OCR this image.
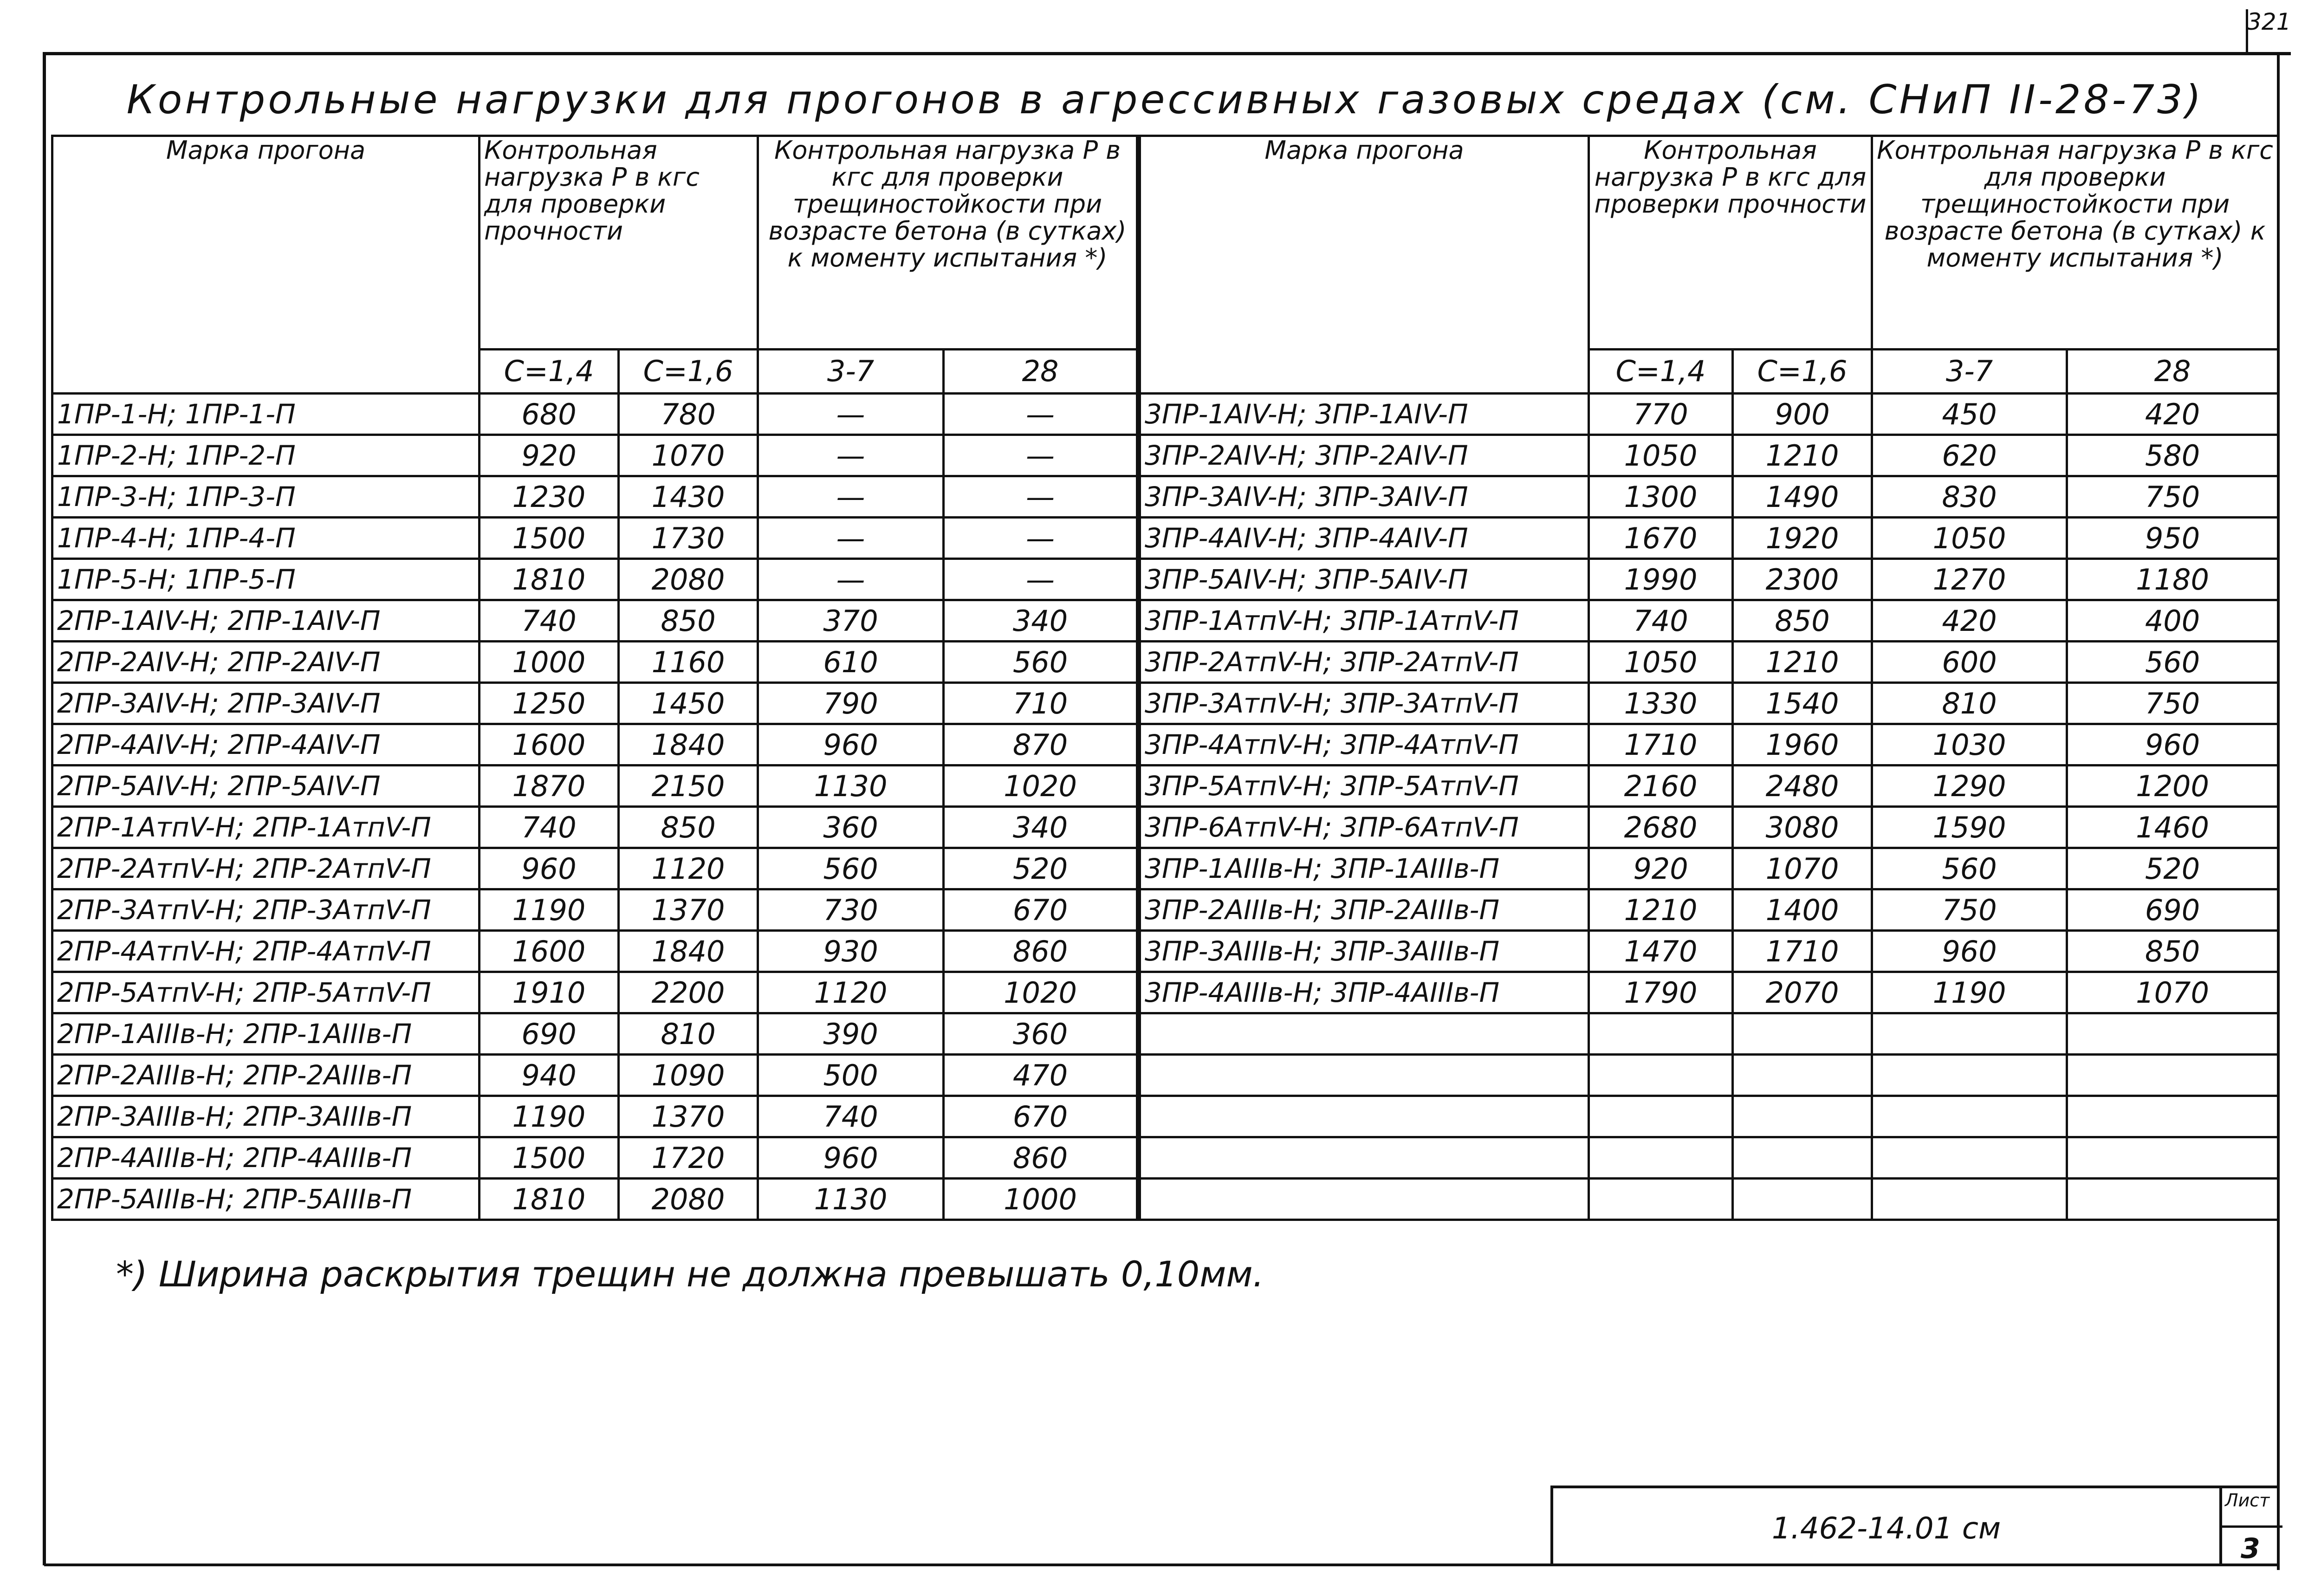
321
Контрольные нагрузки для прогонов в агрессивных газовых средах (см. СНиП II-28-73)
Марка прогона	Контрольная нагрузка Р в кгс для проверки прочности		Контрольная нагрузка Р в кгс для проверки трещиностойкости при возрасте бетона (в сутках) к моменту испытания *)		Марка прогона	Контрольная нагрузка Р в кгс для проверки прочности		Контрольная нагрузка Р в кгс для проверки трещиностойкости при возрасте бетона (в сутках) к моменту испытания *)	
	С=1,4	С=1,6	3-7	28		С=1,4	С=1,6	3-7	28
1ПР-1-Н; 1ПР-1-П	680	780	—	—	3ПР-1АIV-Н; 3ПР-1АIV-П	770	900	450	420
1ПР-2-Н; 1ПР-2-П	920	1070	—	—	3ПР-2АIV-Н; 3ПР-2АIV-П	1050	1210	620	580
1ПР-3-Н; 1ПР-3-П	1230	1430	—	—	3ПР-3АIV-Н; 3ПР-3АIV-П	1300	1490	830	750
1ПР-4-Н; 1ПР-4-П	1500	1730	—	—	3ПР-4АIV-Н; 3ПР-4АIV-П	1670	1920	1050	950
1ПР-5-Н; 1ПР-5-П	1810	2080	—	—	3ПР-5АIV-Н; 3ПР-5АIV-П	1990	2300	1270	1180
2ПР-1АIV-Н; 2ПР-1АIV-П	740	850	370	340	3ПР-1АтпV-Н; 3ПР-1АтпV-П	740	850	420	400
2ПР-2АIV-Н; 2ПР-2АIV-П	1000	1160	610	560	3ПР-2АтпV-Н; 3ПР-2АтпV-П	1050	1210	600	560
2ПР-3АIV-Н; 2ПР-3АIV-П	1250	1450	790	710	3ПР-3АтпV-Н; 3ПР-3АтпV-П	1330	1540	810	750
2ПР-4АIV-Н; 2ПР-4АIV-П	1600	1840	960	870	3ПР-4АтпV-Н; 3ПР-4АтпV-П	1710	1960	1030	960
2ПР-5АIV-Н; 2ПР-5АIV-П	1870	2150	1130	1020	3ПР-5АтпV-Н; 3ПР-5АтпV-П	2160	2480	1290	1200
2ПР-1АтпV-Н; 2ПР-1АтпV-П	740	850	360	340	3ПР-6АтпV-Н; 3ПР-6АтпV-П	2680	3080	1590	1460
2ПР-2АтпV-Н; 2ПР-2АтпV-П	960	1120	560	520	3ПР-1АIIIв-Н; 3ПР-1АIIIв-П	920	1070	560	520
2ПР-3АтпV-Н; 2ПР-3АтпV-П	1190	1370	730	670	3ПР-2АIIIв-Н; 3ПР-2АIIIв-П	1210	1400	750	690
2ПР-4АтпV-Н; 2ПР-4АтпV-П	1600	1840	930	860	3ПР-3АIIIв-Н; 3ПР-3АIIIв-П	1470	1710	960	850
2ПР-5АтпV-Н; 2ПР-5АтпV-П	1910	2200	1120	1020	3ПР-4АIIIв-Н; 3ПР-4АIIIв-П	1790	2070	1190	1070
2ПР-1АIIIв-Н; 2ПР-1АIIIв-П	690	810	390	360					
2ПР-2АIIIв-Н; 2ПР-2АIIIв-П	940	1090	500	470					
2ПР-3АIIIв-Н; 2ПР-3АIIIв-П	1190	1370	740	670					
2ПР-4АIIIв-Н; 2ПР-4АIIIв-П	1500	1720	960	860					
2ПР-5АIIIв-Н; 2ПР-5АIIIв-П	1810	2080	1130	1000					
*) Ширина раскрытия трещин не должна превышать 0,10мм.
1.462-14.01 см
Лист
3
